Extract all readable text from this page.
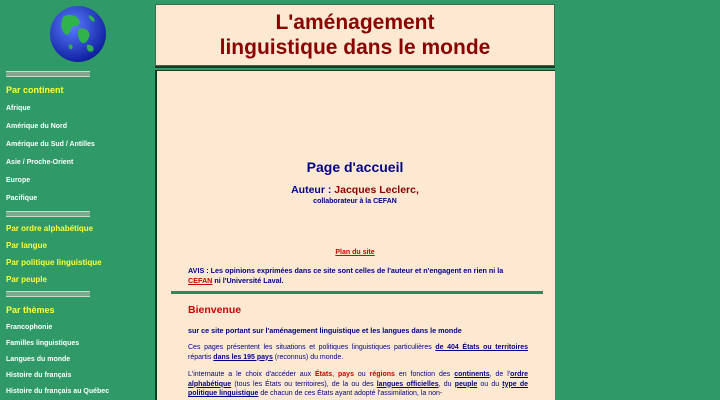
Par continent
Afrique
Amérique du Nord
Amérique du Sud / Antilles
Asie / Proche-Orient
Europe
Pacifique
Par ordre alphabétique
Par langue
Par politique linguistique
Par peuple
Par thèmes
Francophonie
Familles linguistiques
Langues du monde
Histoire du français
Histoire du français au Québec
L'aménagement
linguistique dans le monde
Page d'accueil
Auteur : Jacques Leclerc,
collaborateur à la CEFAN
Plan du site
AVIS : Les opinions exprimées dans ce site sont celles de l'auteur et n'engagent en rien ni la CEFAN ni l'Université Laval.
Bienvenue
sur ce site portant sur l'aménagement linguistique et les langues dans le monde
Ces pages présentent les situations et politiques linguistiques particulières de 404 États ou territoires répartis dans les 195 pays (reconnus) du monde.
L'internaute a le choix d'accéder aux États, pays ou régions en fonction des continents, de l'ordre alphabétique (tous les États ou territoires), de la ou des langues officielles, du peuple ou du type de politique linguistique de chacun de ces États ayant adopté l'assimilation, la non-
